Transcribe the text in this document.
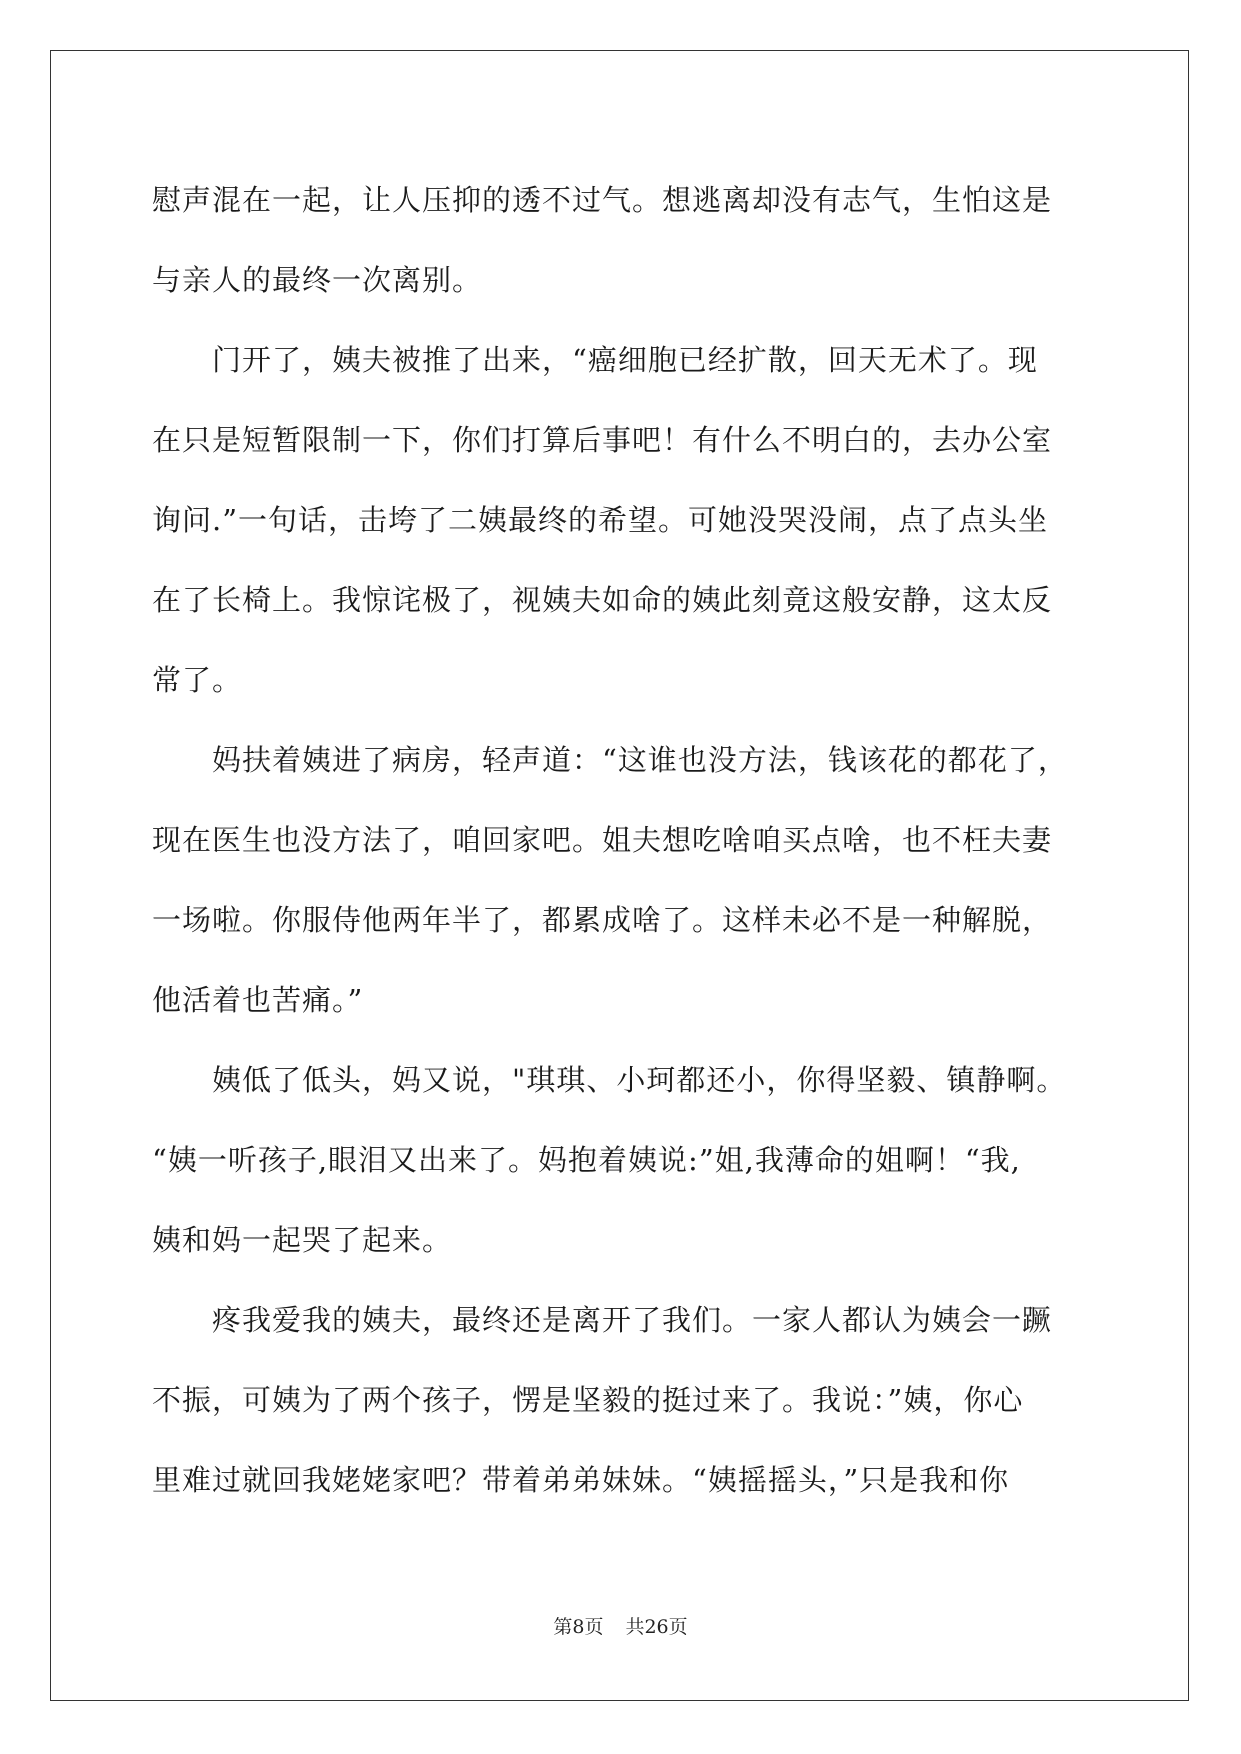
慰声混在一起，让人压抑的透不过气。想逃离却没有志气，生怕这是
与亲人的最终一次离别。
　　门开了，姨夫被推了出来，“癌细胞已经扩散，回天无术了。现
在只是短暂限制一下，你们打算后事吧！有什么不明白的，去办公室
询问.”一句话，击垮了二姨最终的希望。可她没哭没闹，点了点头坐
在了长椅上。我惊诧极了，视姨夫如命的姨此刻竟这般安静，这太反
常了。
　　妈扶着姨进了病房，轻声道：“这谁也没方法，钱该花的都花了，
现在医生也没方法了，咱回家吧。姐夫想吃啥咱买点啥，也不枉夫妻
一场啦。你服侍他两年半了，都累成啥了。这样未必不是一种解脱，
他活着也苦痛。”
　　姨低了低头，妈又说，"琪琪、小珂都还小，你得坚毅、镇静啊。
“姨一听孩子,眼泪又出来了。妈抱着姨说:”姐,我薄命的姐啊！“我,
姨和妈一起哭了起来。
　　疼我爱我的姨夫，最终还是离开了我们。一家人都认为姨会一蹶
不振，可姨为了两个孩子，愣是坚毅的挺过来了。我说：”姨，你心
里难过就回我姥姥家吧？带着弟弟妹妹。“姨摇摇头，”只是我和你
第8页 共26页
